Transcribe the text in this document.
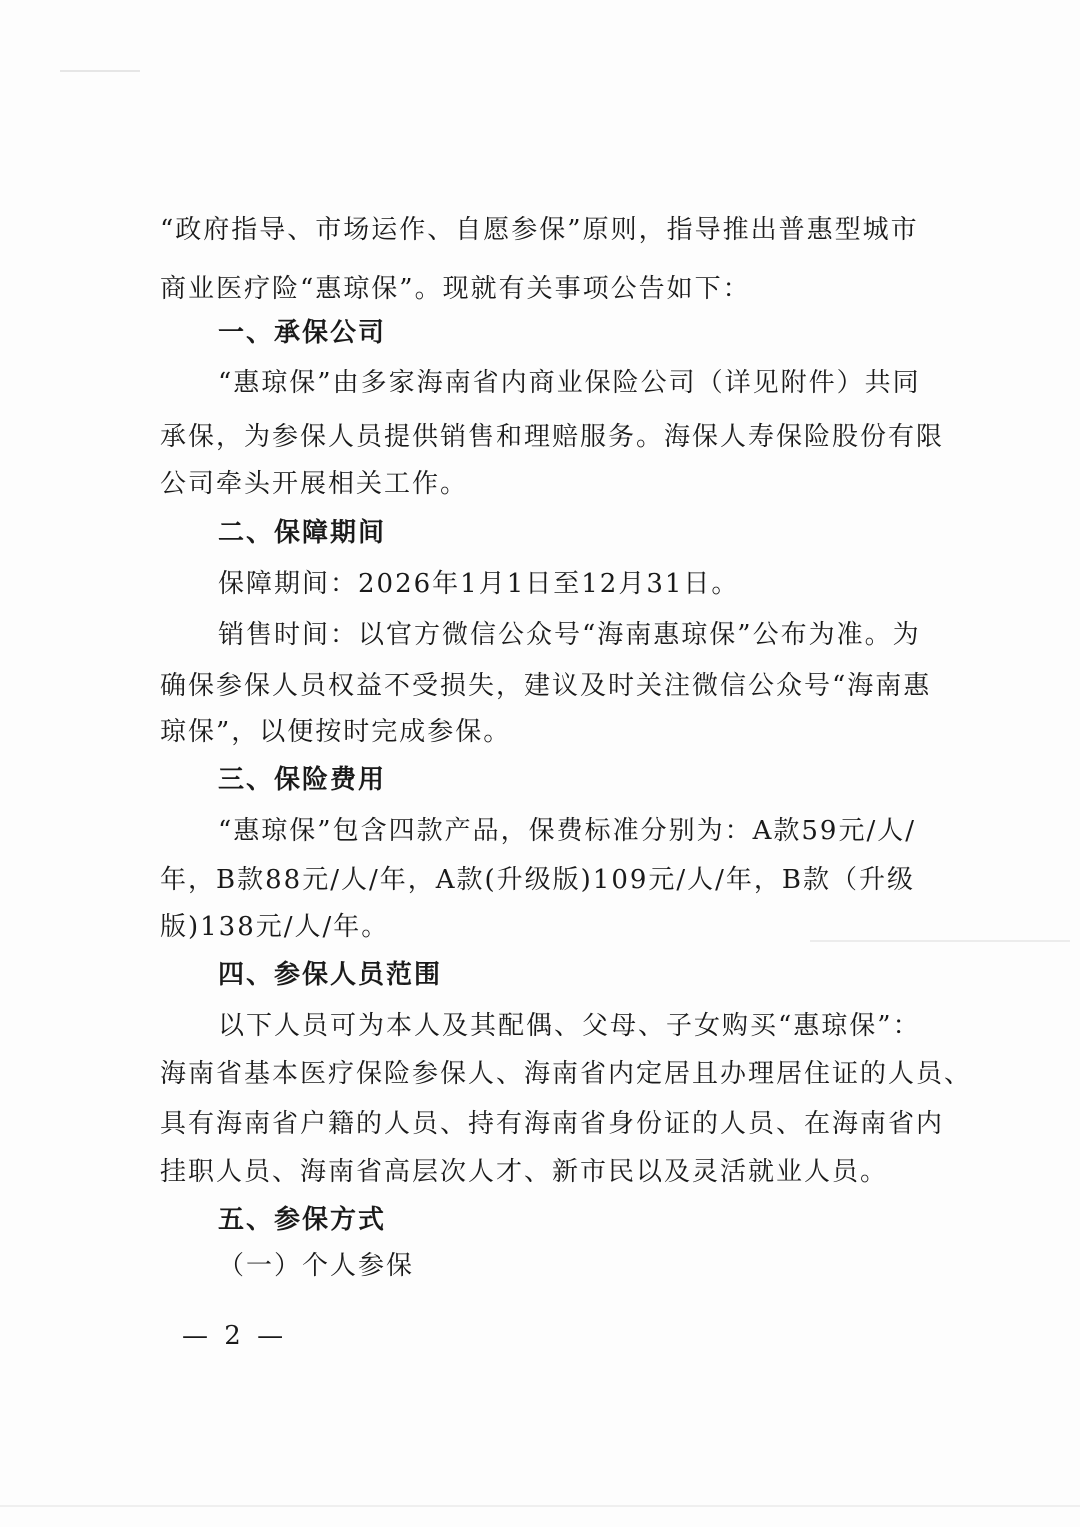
“政府指导、市场运作、自愿参保”原则，指导推出普惠型城市
商业医疗险“惠琼保”。现就有关事项公告如下：
一、承保公司
“惠琼保”由多家海南省内商业保险公司（详见附件）共同
承保，为参保人员提供销售和理赔服务。海保人寿保险股份有限
公司牵头开展相关工作。
二、保障期间
保障期间：2026年1月1日至12月31日。
销售时间：以官方微信公众号“海南惠琼保”公布为准。为
确保参保人员权益不受损失，建议及时关注微信公众号“海南惠
琼保”，以便按时完成参保。
三、保险费用
“惠琼保”包含四款产品，保费标准分别为：A款59元/人/
年，B款88元/人/年，A款(升级版)109元/人/年，B款（升级
版)138元/人/年。
四、参保人员范围
以下人员可为本人及其配偶、父母、子女购买“惠琼保”：
海南省基本医疗保险参保人、海南省内定居且办理居住证的人员、
具有海南省户籍的人员、持有海南省身份证的人员、在海南省内
挂职人员、海南省高层次人才、新市民以及灵活就业人员。
五、参保方式
（一）个人参保
— 2 —
